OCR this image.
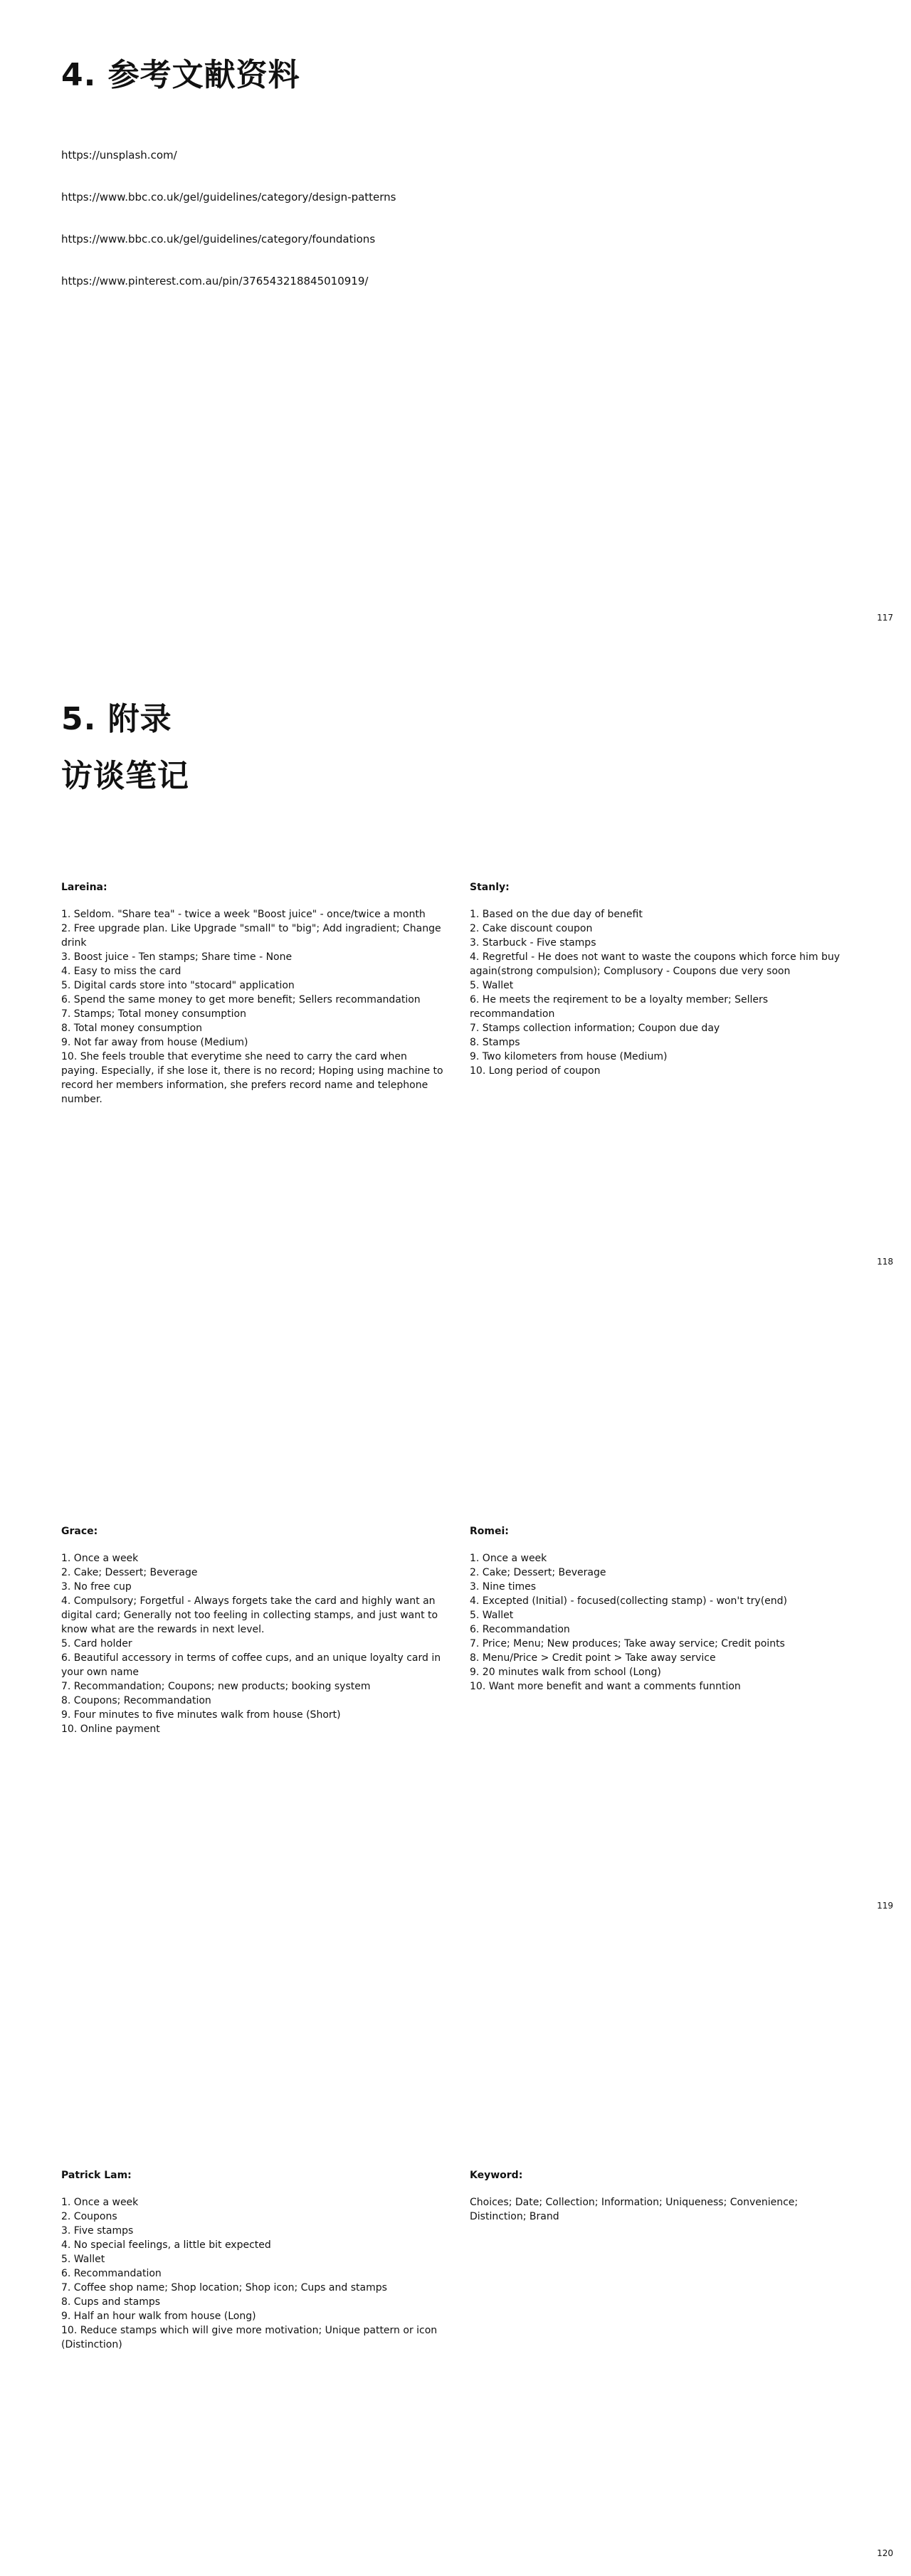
4. 参考文献资料
https://unsplash.com/
https://www.bbc.co.uk/gel/guidelines/category/design-patterns
https://www.bbc.co.uk/gel/guidelines/category/foundations
https://www.pinterest.com.au/pin/376543218845010919/
117
5. 附录
访谈笔记
Lareina:
1. Seldom. "Share tea" - twice a week "Boost juice" - once/twice a month
2. Free upgrade plan. Like Upgrade "small" to "big"; Add ingradient; Change drink
3. Boost juice - Ten stamps; Share time - None
4. Easy to miss the card
5. Digital cards store into "stocard" application
6. Spend the same money to get more benefit; Sellers recommandation
7. Stamps; Total money consumption
8. Total money consumption
9. Not far away from house (Medium)
10. She feels trouble that everytime she need to carry the card when paying. Especially, if she lose it, there is no record; Hoping using machine to record her members information, she prefers record name and telephone number.
Stanly:
1. Based on the due day of benefit
2. Cake discount coupon
3. Starbuck - Five stamps
4. Regretful - He does not want to waste the coupons which force him buy again(strong compulsion); Complusory - Coupons due very soon
5. Wallet
6. He meets the reqirement to be a loyalty member; Sellers recommandation
7. Stamps collection information; Coupon due day
8. Stamps
9. Two kilometers from house (Medium)
10. Long period of coupon
118
Grace:
1. Once a week
2. Cake; Dessert; Beverage
3. No free cup
4. Compulsory; Forgetful - Always forgets take the card and highly want an digital card; Generally not too feeling in collecting stamps, and just want to know what are the rewards in next level.
5. Card holder
6. Beautiful accessory in terms of coffee cups, and an unique loyalty card in your own name
7. Recommandation; Coupons; new products; booking system
8. Coupons; Recommandation
9. Four minutes to five minutes walk from house (Short)
10. Online payment
Romei:
1. Once a week
2. Cake; Dessert; Beverage
3. Nine times
4. Excepted (Initial) - focused(collecting stamp) - won't try(end)
5. Wallet
6. Recommandation
7. Price; Menu; New produces; Take away service; Credit points
8. Menu/Price > Credit point > Take away service
9. 20 minutes walk from school (Long)
10. Want more benefit and want a comments funntion
119
Patrick Lam:
1. Once a week
2. Coupons
3. Five stamps
4. No special feelings, a little bit expected
5. Wallet
6. Recommandation
7. Coffee shop name; Shop location; Shop icon; Cups and stamps
8. Cups and stamps
9. Half an hour walk from house (Long)
10. Reduce stamps which will give more motivation; Unique pattern or icon (Distinction)
Keyword:

Choices; Date; Collection; Information; Uniqueness; Convenience; Distinction; Brand

120
